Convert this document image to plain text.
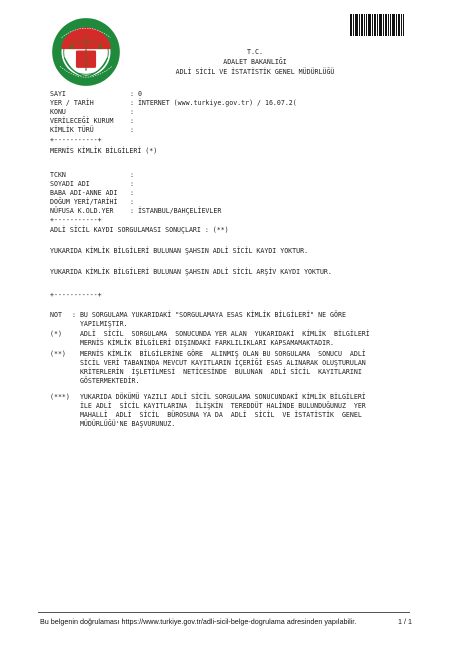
T.C.
ADALET BAKANLIĞI
ADLİ SİCİL VE İSTATİSTİK GENEL MÜDÜRLÜĞÜ
SAYI	: 0
YER / TARİH	: İNTERNET (www.turkiye.gov.tr) / 16.07.2(
KONU	:
VERİLECEĞİ KURUM :
KİMLİK TÜRÜ	:
+-----------+
MERNİS KİMLİK BİLGİLERİ (*)
TCKN	:
SOYADI ADI	:
BABA ADI-ANNE ADI :
DOĞUM YERİ/TARİHİ :
NÜFUSA K.OLD.YER : İSTANBUL/BAHÇELİEVLER
+-----------+
ADLİ SİCİL KAYDI SORGULAMASI SONUÇLARI : (**)
YUKARIDA KİMLİK BİLGİLERİ BULUNAN ŞAHSIN ADLİ SİCİL KAYDI YOKTUR.
YUKARIDA KİMLİK BİLGİLERİ BULUNAN ŞAHSIN ADLİ SİCİL ARŞİV KAYDI YOKTUR.
+-----------+
NOT : BU SORGULAMA YUKARIDAKİ "SORGULAMAYA ESAS KİMLİK BİLGİLERİ" NE GÖRE
YAPILMIŞTIR.
(*) ADLİ  SİCİL  SORGULAMA  SONUCUNDA YER ALAN  YUKARIDAKİ  KİMLİK  BİLGİLERİ
MERNİS KİMLİK BİLGİLERİ DIŞINDAKİ FARKLILIKLARI KAPSAMAMAKTADIR.
(**) MERNİS KİMLİK  BİLGİLERİNE GÖRE  ALINMIŞ OLAN BU SORGULAMA  SONUCU  ADLİ
SİCİL VERİ TABANINDA MEVCUT KAYITLARIN İÇERİĞİ ESAS ALINARAK OLUŞTURULAN
KRİTERLERİN  İŞLETİLMESİ  NETİCESİNDE  BULUNAN  ADLİ SİCİL  KAYITLARINI
GÖSTERMEKTEDİR.
(***) YUKARIDA DÖKÜMÜ YAZILI ADLİ SİCİL SORGULAMA SONUCUNDAKİ KİMLİK BİLGİLERİ
İLE ADLİ  SİCİL KAYITLARINA  İLİŞKİN  TEREDDÜT HALİNDE BULUNDUĞUNUZ  YER
MAHALLİ  ADLİ  SİCİL  BÜROSUNA YA DA  ADLİ  SİCİL  VE İSTATİSTİK  GENEL
MÜDÜRLÜĞÜ'NE BAŞVURUNUZ.
Bu belgenin doğrulaması https://www.turkiye.gov.tr/adli-sicil-belge-dogrulama adresinden yapılabilir.	1 / 1
